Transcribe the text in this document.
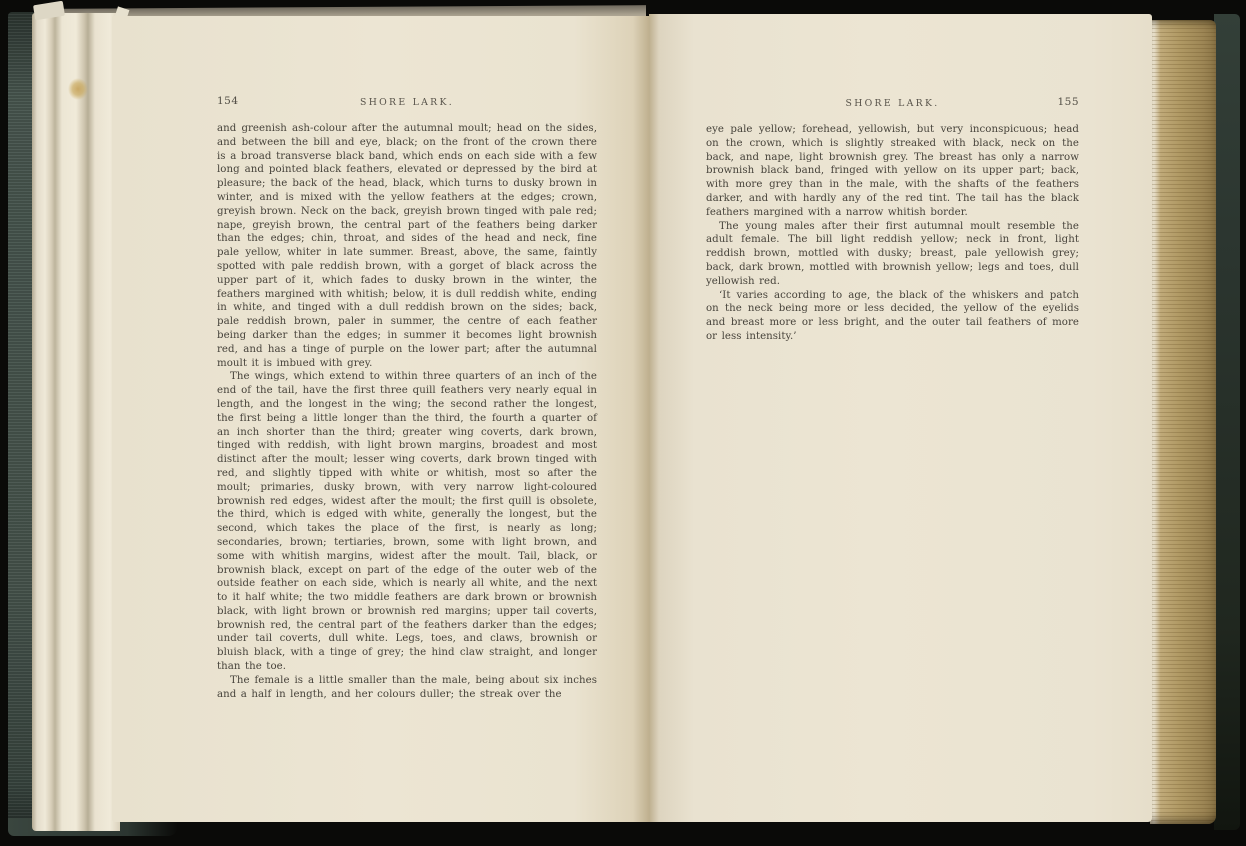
154	SHORE LARK.

and greenish ash-colour after the autumnal moult; head on the sides, and between the bill and eye, black; on the front of the crown there is a broad transverse black band, which ends on each side with a few long and pointed black feathers, elevated or depressed by the bird at pleasure; the back of the head, black, which turns to dusky brown in winter, and is mixed with the yellow feathers at the edges; crown, greyish brown. Neck on the back, greyish brown tinged with pale red; nape, greyish brown, the central part of the feathers being darker than the edges; chin, throat, and sides of the head and neck, fine pale yellow, whiter in late summer. Breast, above, the same, faintly spotted with pale reddish brown, with a gorget of black across the upper part of it, which fades to dusky brown in the winter, the feathers margined with whitish; below, it is dull reddish white, ending in white, and tinged with a dull reddish brown on the sides; back, pale reddish brown, paler in summer, the centre of each feather being darker than the edges; in summer it becomes light brownish red, and has a tinge of purple on the lower part; after the autumnal moult it is imbued with grey.

The wings, which extend to within three quarters of an inch of the end of the tail, have the first three quill feathers very nearly equal in length, and the longest in the wing; the second rather the longest, the first being a little longer than the third, the fourth a quarter of an inch shorter than the third; greater wing coverts, dark brown, tinged with reddish, with light brown margins, broadest and most distinct after the moult; lesser wing coverts, dark brown tinged with red, and slightly tipped with white or whitish, most so after the moult; primaries, dusky brown, with very narrow light-coloured brownish red edges, widest after the moult; the first quill is obsolete, the third, which is edged with white, generally the longest, but the second, which takes the place of the first, is nearly as long; secondaries, brown; tertiaries, brown, some with light brown, and some with whitish margins, widest after the moult. Tail, black, or brownish black, except on part of the edge of the outer web of the outside feather on each side, which is nearly all white, and the next to it half white; the two middle feathers are dark brown or brownish black, with light brown or brownish red margins; upper tail coverts, brownish red, the central part of the feathers darker than the edges; under tail coverts, dull white. Legs, toes, and claws, brownish or bluish black, with a tinge of grey; the hind claw straight, and longer than the toe.

The female is a little smaller than the male, being about six inches and a half in length, and her colours duller; the streak over the

SHORE LARK.	155

eye pale yellow; forehead, yellowish, but very inconspicuous; head on the crown, which is slightly streaked with black, neck on the back, and nape, light brownish grey. The breast has only a narrow brownish black band, fringed with yellow on its upper part; back, with more grey than in the male, with the shafts of the feathers darker, and with hardly any of the red tint. The tail has the black feathers margined with a narrow whitish border.

The young males after their first autumnal moult resemble the adult female. The bill light reddish yellow; neck in front, light reddish brown, mottled with dusky; breast, pale yellowish grey; back, dark brown, mottled with brownish yellow; legs and toes, dull yellowish red.

‘It varies according to age, the black of the whiskers and patch on the neck being more or less decided, the yellow of the eyelids and breast more or less bright, and the outer tail feathers of more or less intensity.’
